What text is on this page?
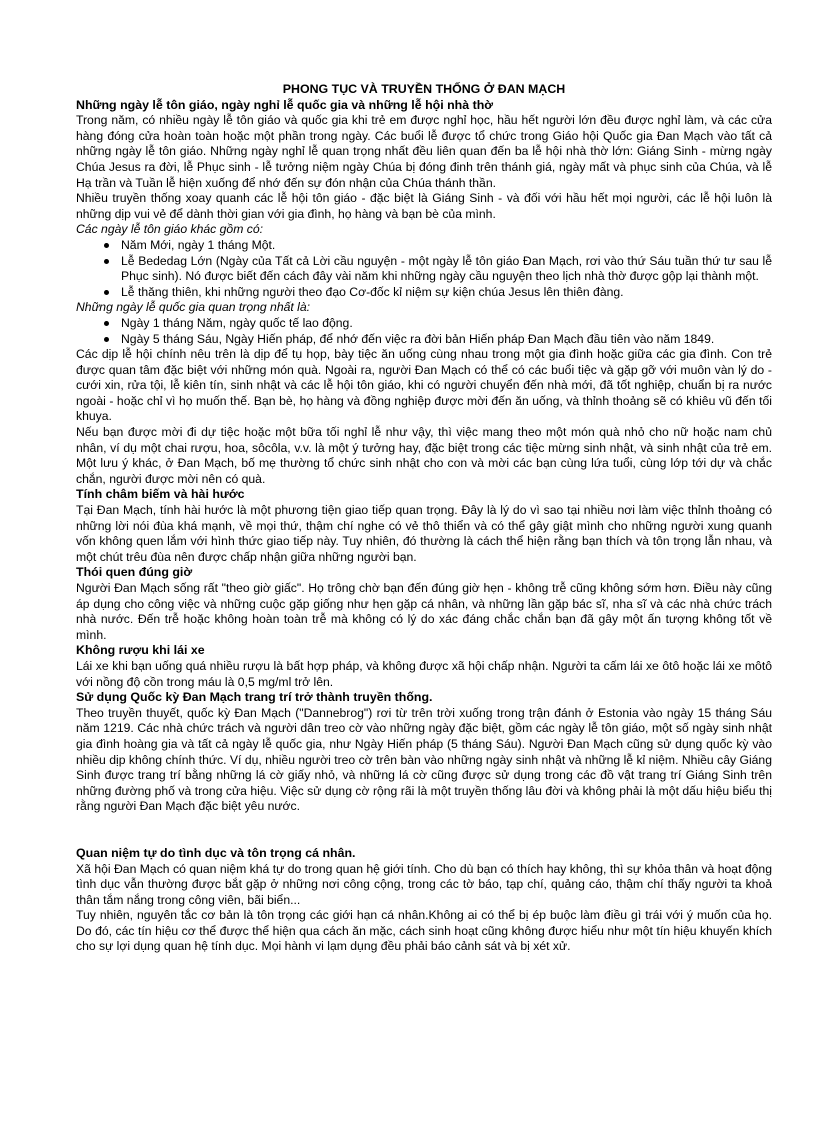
PHONG TỤC VÀ TRUYỀN THỐNG Ở ĐAN MẠCH

Những ngày lễ tôn giáo, ngày nghỉ lễ quốc gia và những lễ hội nhà thờ

Trong năm, có nhiều ngày lễ tôn giáo và quốc gia khi trẻ em được nghỉ học, hầu hết người lớn đều được nghỉ làm, và các cửa hàng đóng cửa hoàn toàn hoặc một phần trong ngày. Các buổi lễ được tổ chức trong Giáo hội Quốc gia Đan Mạch vào tất cả những ngày lễ tôn giáo. Những ngày nghỉ lễ quan trọng nhất đều liên quan đến ba lễ hội nhà thờ lớn: Giáng Sinh - mừng ngày Chúa Jesus ra đời, lễ Phục sinh - lễ tưởng niệm ngày Chúa bị đóng đinh trên thánh giá, ngày mất và phục sinh của Chúa, và lễ Hạ trần và Tuần lễ hiện xuống để nhớ đến sự đón nhận của Chúa thánh thần.

Nhiều truyền thống xoay quanh các lễ hội tôn giáo - đặc biệt là Giáng Sinh - và đối với hầu hết mọi người, các lễ hội luôn là những dịp vui vẻ để dành thời gian với gia đình, họ hàng và bạn bè của mình.

Các ngày lễ tôn giáo khác gồm có:

Năm Mới, ngày 1 tháng Một.
Lễ Bededag Lớn (Ngày của Tất cả Lời cầu nguyện - một ngày lễ tôn giáo Đan Mạch, rơi vào thứ Sáu tuần thứ tư sau lễ Phục sinh). Nó được biết đến cách đây vài năm khi những ngày cầu nguyện theo lịch nhà thờ được gộp lại thành một.
Lễ thăng thiên, khi những người theo đạo Cơ-đốc kỉ niệm sự kiện chúa Jesus lên thiên đàng.

Những ngày lễ quốc gia quan trọng nhất là:

Ngày 1 tháng Năm, ngày quốc tế lao động.
Ngày 5 tháng Sáu, Ngày Hiến pháp, để nhớ đến việc ra đời bản Hiến pháp Đan Mạch đầu tiên vào năm 1849.

Các dịp lễ hội chính nêu trên là dịp để tụ họp, bày tiệc ăn uống cùng nhau trong một gia đình hoặc giữa các gia đình. Con trẻ được quan tâm đặc biệt với những món quà. Ngoài ra, người Đan Mạch có thể có các buổi tiệc và gặp gỡ với muôn vàn lý do - cưới xin, rửa tội, lễ kiên tín, sinh nhật và các lễ hội tôn giáo, khi có người chuyển đến nhà mới, đã tốt nghiệp, chuẩn bị ra nước ngoài - hoặc chỉ vì họ muốn thế. Bạn bè, họ hàng và đồng nghiệp được mời đến ăn uống, và thỉnh thoảng sẽ có khiêu vũ đến tối khuya.

Nếu bạn được mời đi dự tiệc hoặc một bữa tối nghỉ lễ như vậy, thì việc mang theo một món quà nhỏ cho nữ hoặc nam chủ nhân, ví dụ một chai rượu, hoa, sôcôla, v.v. là một ý tưởng hay, đặc biệt trong các tiệc mừng sinh nhật, và sinh nhật của trẻ em. Một lưu ý khác, ở Đan Mạch, bố mẹ thường tổ chức sinh nhật cho con và mời các bạn cùng lứa tuổi, cùng lớp tới dự và chắc chắn, người được mời nên có quà.

Tính châm biếm và hài hước

Tại Đan Mạch, tính hài hước là một phương tiện giao tiếp quan trọng. Đây là lý do vì sao tại nhiều nơi làm việc thỉnh thoảng có những lời nói đùa khá mạnh, về mọi thứ, thậm chí nghe có vẻ thô thiển và có thể gây giật mình cho những người xung quanh vốn không quen lắm với hình thức giao tiếp này. Tuy nhiên, đó thường là cách thể hiện rằng bạn thích và tôn trọng lẫn nhau, và một chút trêu đùa nên được chấp nhận giữa những người bạn.

Thói quen đúng giờ

Người Đan Mạch sống rất "theo giờ giấc". Họ trông chờ bạn đến đúng giờ hẹn - không trễ cũng không sớm hơn. Điều này cũng áp dụng cho công việc và những cuộc gặp giống như hẹn gặp cá nhân, và những lần gặp bác sĩ, nha sĩ và các nhà chức trách nhà nước. Đến trễ hoặc không hoàn toàn trễ mà không có lý do xác đáng chắc chắn bạn đã gây một ấn tượng không tốt về mình.

Không rượu khi lái xe

Lái xe khi bạn uống quá nhiều rượu là bất hợp pháp, và không được xã hội chấp nhận. Người ta cấm lái xe ôtô hoặc lái xe môtô với nồng độ cồn trong máu là 0,5 mg/ml trở lên.

Sử dụng Quốc kỳ Đan Mạch trang trí trở thành truyền thống.

Theo truyền thuyết, quốc kỳ Đan Mạch ("Dannebrog") rơi từ trên trời xuống trong trận đánh ở Estonia vào ngày 15 tháng Sáu năm 1219. Các nhà chức trách và người dân treo cờ vào những ngày đặc biệt, gồm các ngày lễ tôn giáo, một số ngày sinh nhật gia đình hoàng gia và tất cả ngày lễ quốc gia, như Ngày Hiến pháp (5 tháng Sáu). Người Đan Mạch cũng sử dụng quốc kỳ vào nhiều dịp không chính thức. Ví dụ, nhiều người treo cờ trên bàn vào những ngày sinh nhật và những lễ kỉ niệm. Nhiều cây Giáng Sinh được trang trí bằng những lá cờ giấy nhỏ, và những lá cờ cũng được sử dụng trong các đồ vật trang trí Giáng Sinh trên những đường phố và trong cửa hiệu. Việc sử dụng cờ rộng rãi là một truyền thống lâu đời và không phải là một dấu hiệu biểu thị rằng người Đan Mạch đặc biệt yêu nước.

Quan niệm tự do tình dục và tôn trọng cá nhân.

Xã hội Đan Mạch có quan niệm khá tự do trong quan hệ giới tính. Cho dù bạn có thích hay không, thì sự khỏa thân và hoạt động tình dục vẫn thường được bắt gặp ở những nơi công cộng, trong các tờ báo, tạp chí, quảng cáo, thậm chí thấy người ta khoả thân tắm nắng trong công viên, bãi biển...

Tuy nhiên, nguyên tắc cơ bản là tôn trọng các giới hạn cá nhân.Không ai có thể bị ép buộc làm điều gì trái với ý muốn của họ. Do đó, các tín hiệu cơ thể được thể hiện qua cách ăn mặc, cách sinh hoạt cũng không được hiểu như một tín hiệu khuyến khích cho sự lợi dụng quan hệ tính dục. Mọi hành vi lạm dụng đều phải báo cảnh sát và bị xét xử.
